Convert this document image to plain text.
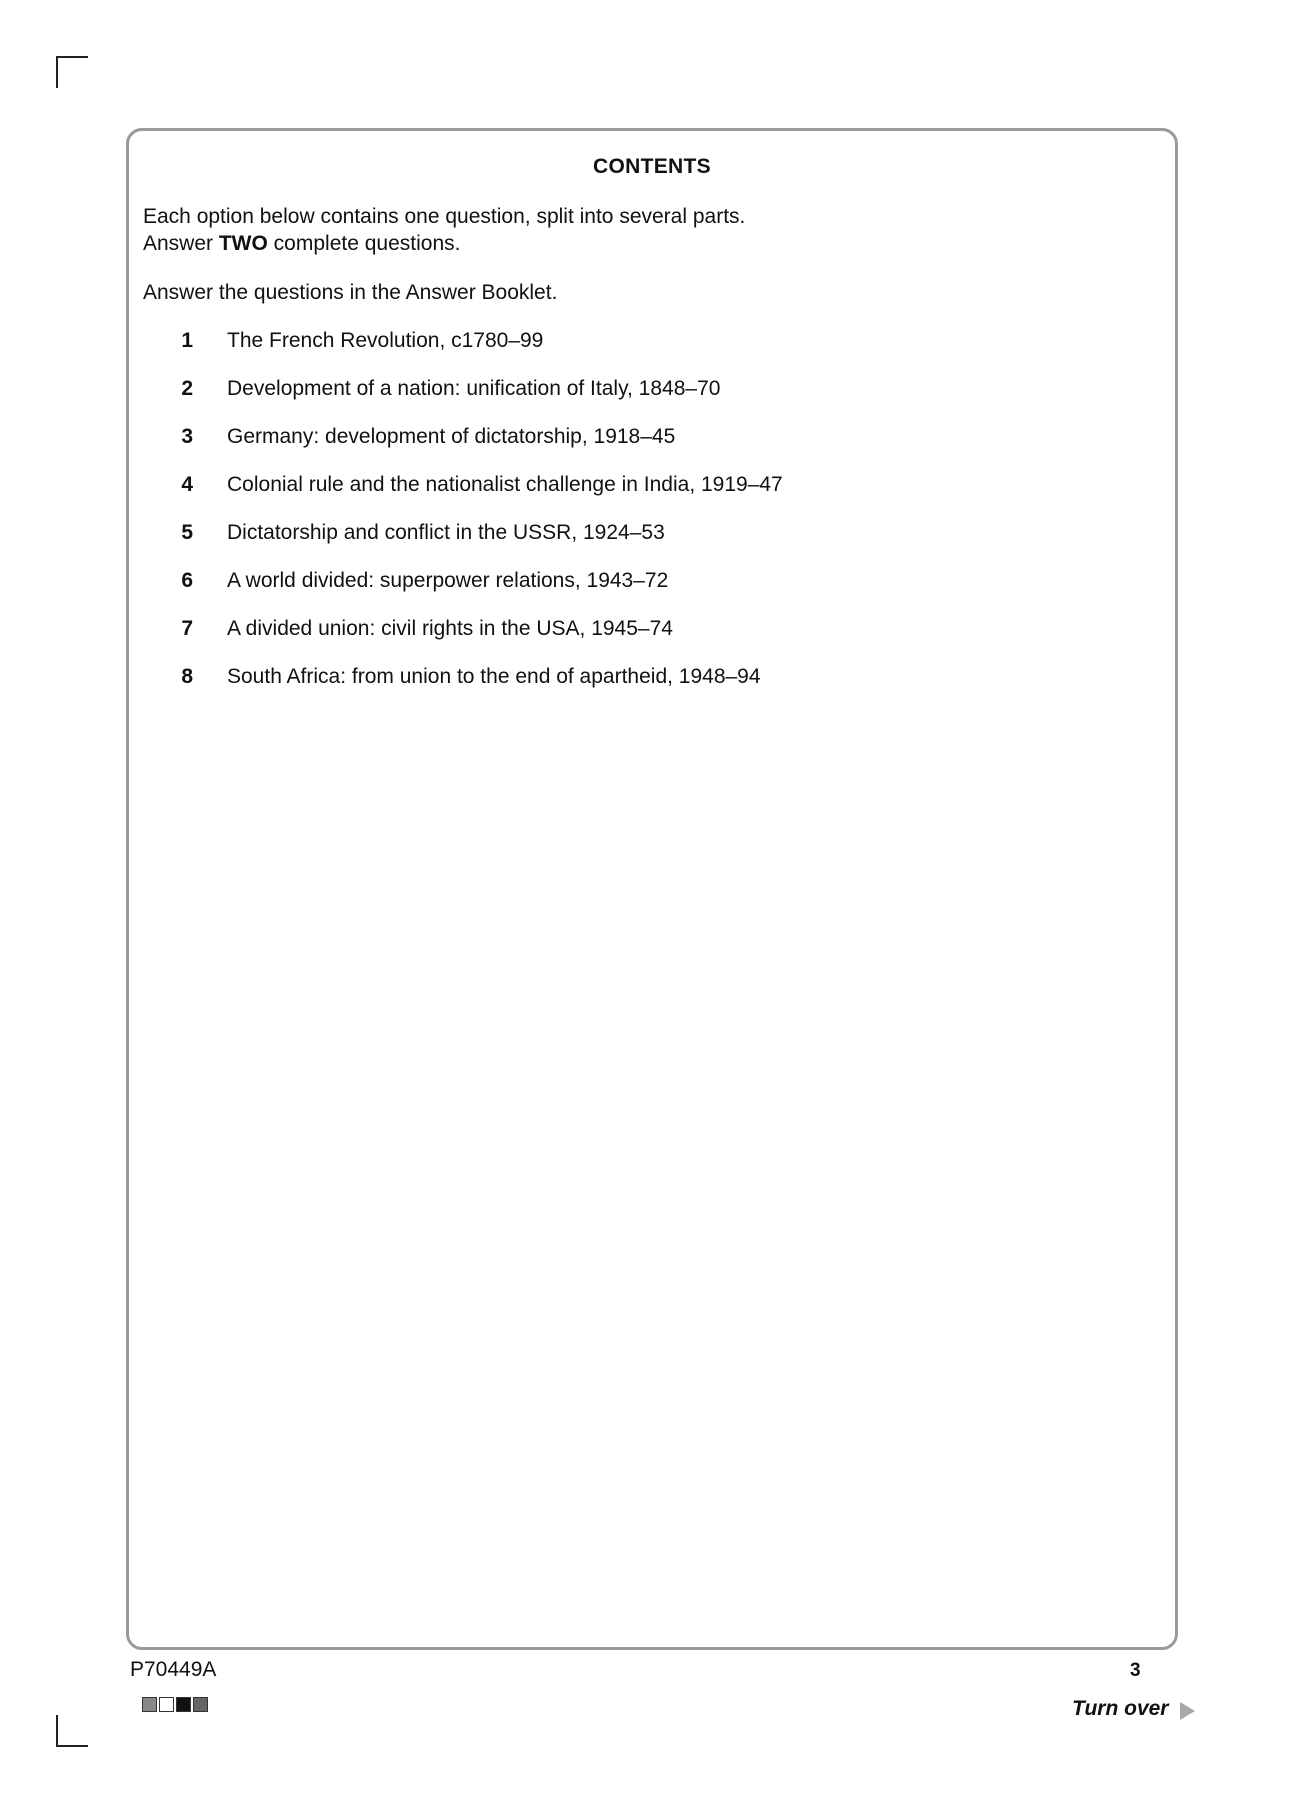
CONTENTS
Each option below contains one question, split into several parts.
Answer TWO complete questions.
Answer the questions in the Answer Booklet.
1 The French Revolution, c1780–99
2 Development of a nation: unification of Italy, 1848–70
3 Germany: development of dictatorship, 1918–45
4 Colonial rule and the nationalist challenge in India, 1919–47
5 Dictatorship and conflict in the USSR, 1924–53
6 A world divided: superpower relations, 1943–72
7 A divided union: civil rights in the USA, 1945–74
8 South Africa: from union to the end of apartheid, 1948–94
P70449A	3
Turn over
